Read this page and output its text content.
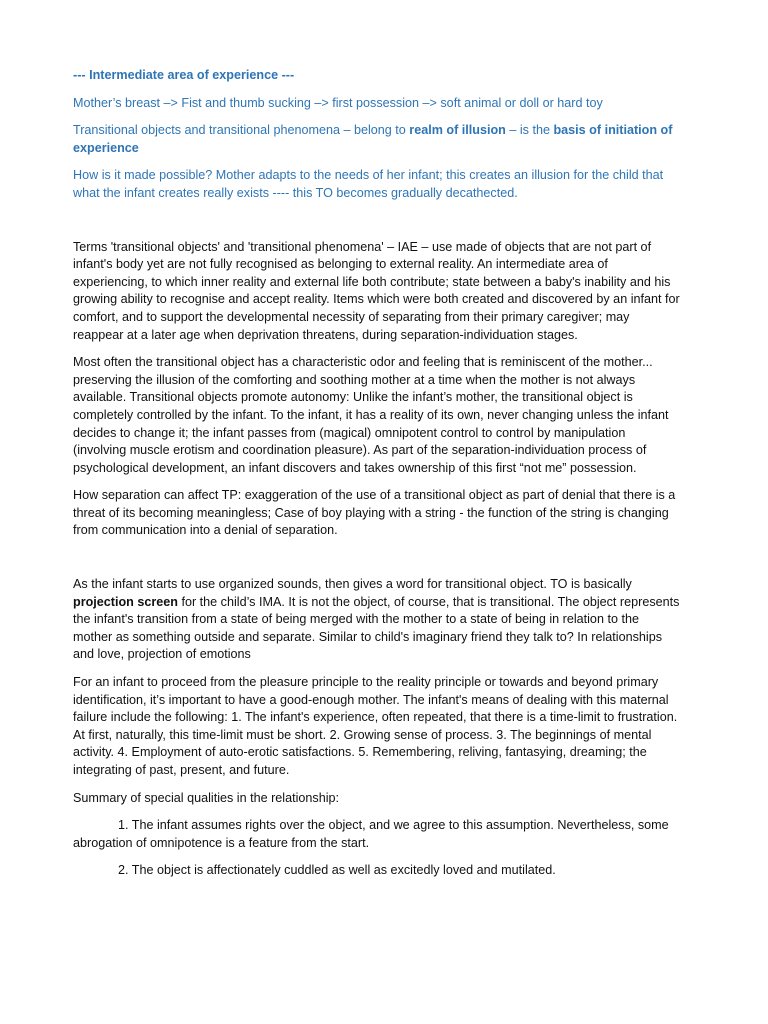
--- Intermediate area of experience ---

Mother’s breast –> Fist and thumb sucking –> first possession –> soft animal or doll or hard toy

Transitional objects and transitional phenomena – belong to realm of illusion – is the basis of initiation of experience

How is it made possible? Mother adapts to the needs of her infant; this creates an illusion for the child that what the infant creates really exists ---- this TO becomes gradually decathected.

Terms 'transitional objects' and 'transitional phenomena' – IAE – use made of objects that are not part of infant's body yet are not fully recognised as belonging to external reality. An intermediate area of experiencing, to which inner reality and external life both contribute; state between a baby's inability and his growing ability to recognise and accept reality. Items which were both created and discovered by an infant for comfort, and to support the developmental necessity of separating from their primary caregiver; may reappear at a later age when deprivation threatens, during separation-individuation stages.

Most often the transitional object has a characteristic odor and feeling that is reminiscent of the mother... preserving the illusion of the comforting and soothing mother at a time when the mother is not always available. Transitional objects promote autonomy: Unlike the infant’s mother, the transitional object is completely controlled by the infant. To the infant, it has a reality of its own, never changing unless the infant decides to change it; the infant passes from (magical) omnipotent control to control by manipulation (involving muscle erotism and coordination pleasure). As part of the separation-individuation process of psychological development, an infant discovers and takes ownership of this first “not me” possession.

How separation can affect TP: exaggeration of the use of a transitional object as part of denial that there is a threat of its becoming meaningless; Case of boy playing with a string - the function of the string is changing from communication into a denial of separation.

As the infant starts to use organized sounds, then gives a word for transitional object. TO is basically projection screen for the child’s IMA. It is not the object, of course, that is transitional. The object represents the infant's transition from a state of being merged with the mother to a state of being in relation to the mother as something outside and separate. Similar to child's imaginary friend they talk to? In relationships and love, projection of emotions

For an infant to proceed from the pleasure principle to the reality principle or towards and beyond primary identification, it’s important to have a good-enough mother. The infant's means of dealing with this maternal failure include the following: 1. The infant's experience, often repeated, that there is a time-limit to frustration. At first, naturally, this time-limit must be short. 2. Growing sense of process. 3. The beginnings of mental activity. 4. Employment of auto-erotic satisfactions. 5. Remembering, reliving, fantasying, dreaming; the integrating of past, present, and future.

Summary of special qualities in the relationship:

1. The infant assumes rights over the object, and we agree to this assumption. Nevertheless, some abrogation of omnipotence is a feature from the start.

2. The object is affectionately cuddled as well as excitedly loved and mutilated.
